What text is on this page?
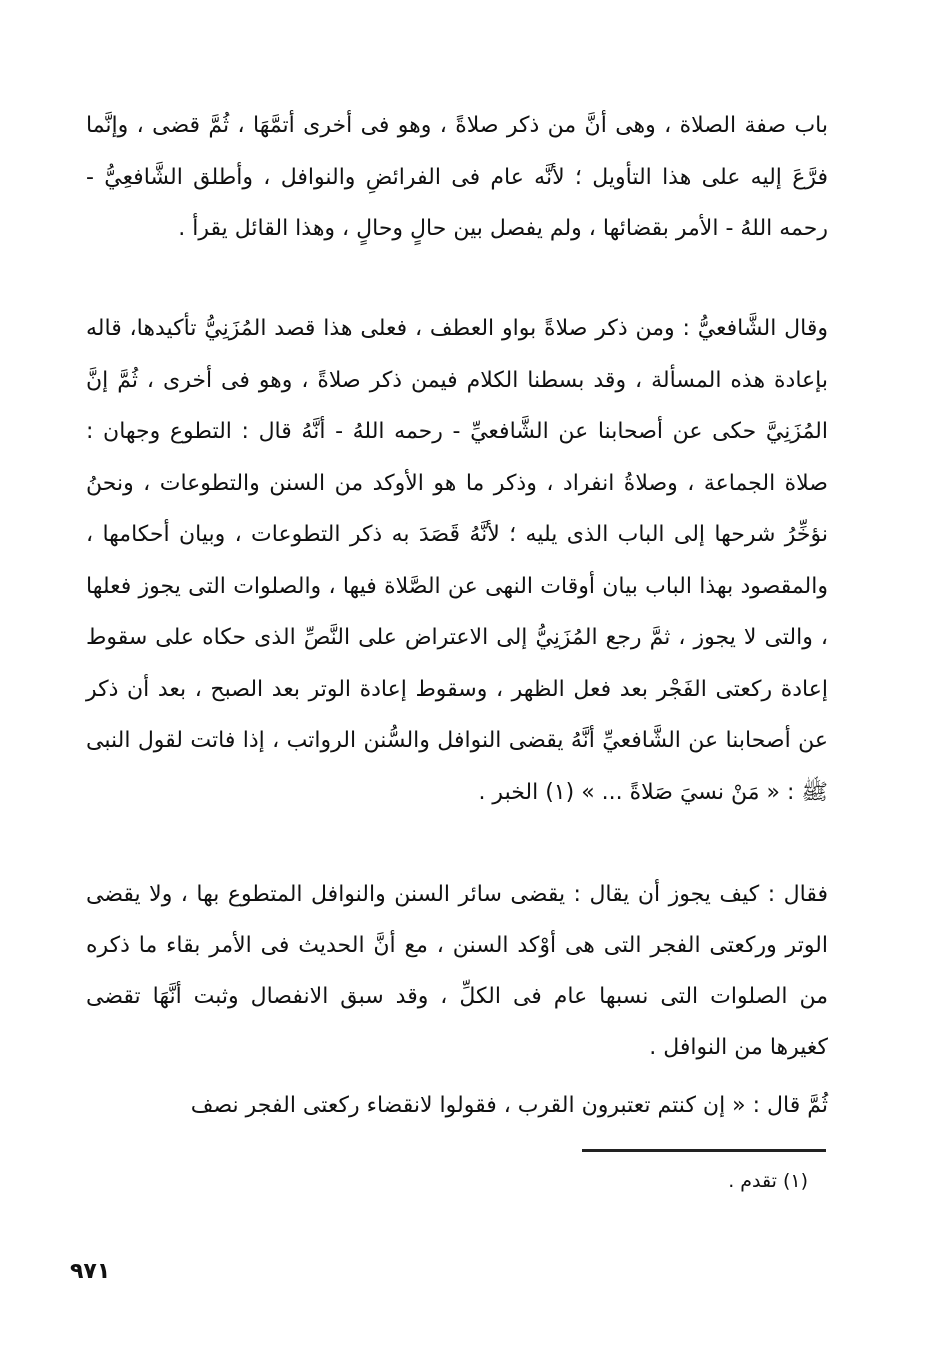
باب صفة الصلاة ، وهى أنَّ من ذكر صلاةً ، وهو فى أخرى أتمَّهَا ، ثُمَّ قضى ، وإنَّما فرَّعَ إليه على هذا التأويل ؛ لأنَّه عام فى الفرائضِ والنوافل ، وأطلق الشَّافعِيُّ - رحمه اللهُ - الأمر بقضائها ، ولم يفصل بين حالٍ وحالٍ ، وهذا القائل يقرأ .

وقال الشَّافعيُّ : ومن ذكر صلاةً بواو العطف ، فعلى هذا قصد المُزَنِيُّ تأكيدها، قاله بإعادة هذه المسألة ، وقد بسطنا الكلام فيمن ذكر صلاةً ، وهو فى أخرى ، ثُمَّ إنَّ المُزَنِيَّ حكى عن أصحابنا عن الشَّافعيِّ - رحمه اللهُ - أنَّهُ قال : التطوع وجهان : صلاة الجماعة ، وصلاةُ انفراد ، وذكر ما هو الأوكد من السنن والتطوعات ، ونحنُ نؤخِّرُ شرحها إلى الباب الذى يليه ؛ لأنَّهُ قَصَدَ به ذكر التطوعات ، وبيان أحكامها ، والمقصود بهذا الباب بيان أوقات النهى عن الصَّلاة فيها ، والصلوات التى يجوز فعلها ، والتى لا يجوز ، ثمَّ رجع المُزَنِيُّ إلى الاعتراض على النَّصِّ الذى حكاه على سقوط إعادة ركعتى الفَجْر بعد فعل الظهر ، وسقوط إعادة الوتر بعد الصبح ، بعد أن ذكر عن أصحابنا عن الشَّافعيِّ أنَّهُ يقضى النوافل والسُّنن الرواتب ، إذا فاتت لقول النبى ﷺ : « مَنْ نسيَ صَلاةً ... » (١) الخبر .

فقال : كيف يجوز أن يقال : يقضى سائر السنن والنوافل المتطوع بها ، ولا يقضى الوتر وركعتى الفجر التى هى أوْكد السنن ، مع أنَّ الحديث فى الأمر بقاء ما ذكره من الصلوات التى نسبها عام فى الكلِّ ، وقد سبق الانفصال وثبت أنَّهَا تقضى كغيرها من النوافل .

ثُمَّ قال : « إن كنتم تعتبرون القرب ، فقولوا لانقضاء ركعتى الفجر نصف

(١) تقدم .

٩٧١
